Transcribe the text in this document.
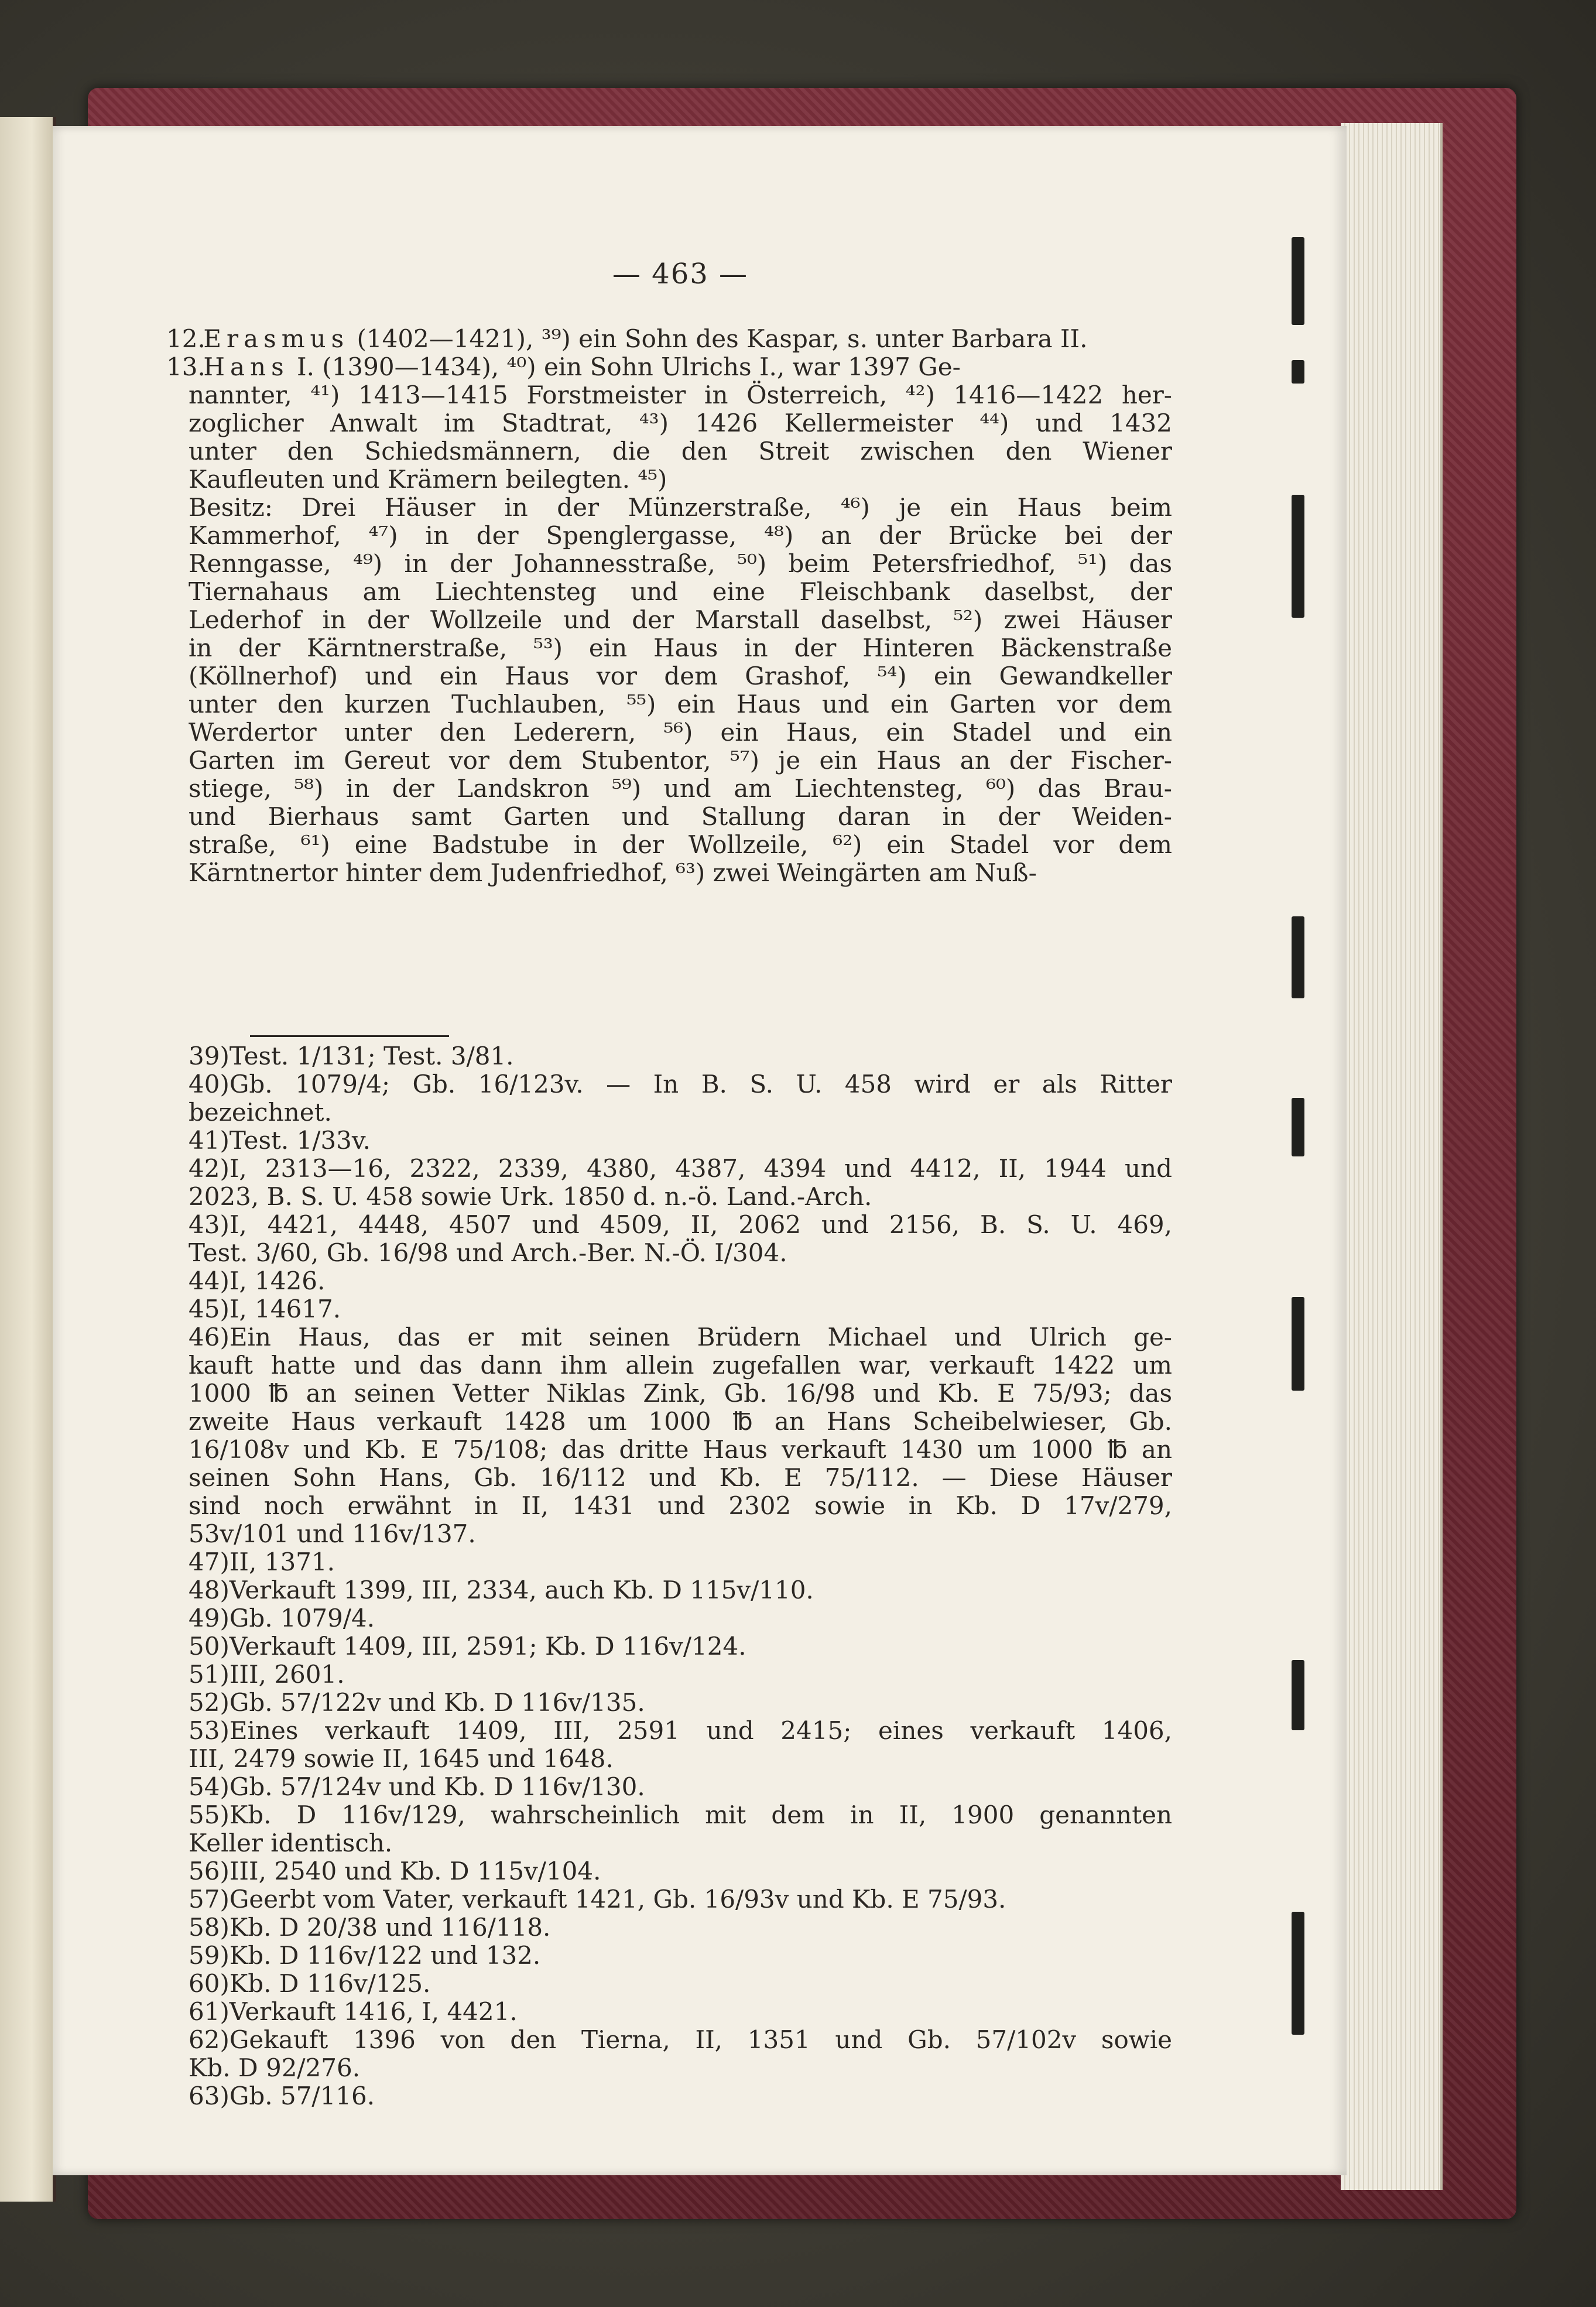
— 463 —
12. Erasmus (1402—1421), ³⁹) ein Sohn des Kaspar, s. unter Barbara II.
13. Hans I. (1390—1434), ⁴⁰) ein Sohn Ulrichs I., war 1397 Ge-

nannter, ⁴¹) 1413—1415 Forstmeister in Österreich, ⁴²) 1416—1422 her-

zoglicher Anwalt im Stadtrat, ⁴³) 1426 Kellermeister ⁴⁴) und 1432

unter den Schiedsmännern, die den Streit zwischen den Wiener

Kaufleuten und Krämern beilegten. ⁴⁵)

Besitz: Drei Häuser in der Münzerstraße, ⁴⁶) je ein Haus beim

Kammerhof, ⁴⁷) in der Spenglergasse, ⁴⁸) an der Brücke bei der

Renngasse, ⁴⁹) in der Johannesstraße, ⁵⁰) beim Petersfriedhof, ⁵¹) das

Tiernahaus am Liechtensteg und eine Fleischbank daselbst, der

Lederhof in der Wollzeile und der Marstall daselbst, ⁵²) zwei Häuser

in der Kärntnerstraße, ⁵³) ein Haus in der Hinteren Bäckenstraße

(Köllnerhof) und ein Haus vor dem Grashof, ⁵⁴) ein Gewandkeller

unter den kurzen Tuchlauben, ⁵⁵) ein Haus und ein Garten vor dem

Werdertor unter den Lederern, ⁵⁶) ein Haus, ein Stadel und ein

Garten im Gereut vor dem Stubentor, ⁵⁷) je ein Haus an der Fischer-

stiege, ⁵⁸) in der Landskron ⁵⁹) und am Liechtensteg, ⁶⁰) das Brau-

und Bierhaus samt Garten und Stallung daran in der Weiden-

straße, ⁶¹) eine Badstube in der Wollzeile, ⁶²) ein Stadel vor dem

Kärntnertor hinter dem Judenfriedhof, ⁶³) zwei Weingärten am Nuß-

39)Test. 1/131; Test. 3/81.

40)Gb. 1079/4; Gb. 16/123v. — In B. S. U. 458 wird er als Ritter

bezeichnet.

41)Test. 1/33v.

42)I, 2313—16, 2322, 2339, 4380, 4387, 4394 und 4412, II, 1944 und

2023, B. S. U. 458 sowie Urk. 1850 d. n.-ö. Land.-Arch.

43)I, 4421, 4448, 4507 und 4509, II, 2062 und 2156, B. S. U. 469,

Test. 3/60, Gb. 16/98 und Arch.-Ber. N.-Ö. I/304.

44)I, 1426.

45)I, 14617.

46)Ein Haus, das er mit seinen Brüdern Michael und Ulrich ge-

kauft hatte und das dann ihm allein zugefallen war, verkauft 1422 um

1000 ℔ an seinen Vetter Niklas Zink, Gb. 16/98 und Kb. E 75/93; das

zweite Haus verkauft 1428 um 1000 ℔ an Hans Scheibelwieser, Gb.

16/108v und Kb. E 75/108; das dritte Haus verkauft 1430 um 1000 ℔ an

seinen Sohn Hans, Gb. 16/112 und Kb. E 75/112. — Diese Häuser

sind noch erwähnt in II, 1431 und 2302 sowie in Kb. D 17v/279,

53v/101 und 116v/137.

47)II, 1371.

48)Verkauft 1399, III, 2334, auch Kb. D 115v/110.

49)Gb. 1079/4.

50)Verkauft 1409, III, 2591; Kb. D 116v/124.

51)III, 2601.

52)Gb. 57/122v und Kb. D 116v/135.

53)Eines verkauft 1409, III, 2591 und 2415; eines verkauft 1406,

III, 2479 sowie II, 1645 und 1648.

54)Gb. 57/124v und Kb. D 116v/130.

55)Kb. D 116v/129, wahrscheinlich mit dem in II, 1900 genannten

Keller identisch.

56)III, 2540 und Kb. D 115v/104.

57)Geerbt vom Vater, verkauft 1421, Gb. 16/93v und Kb. E 75/93.

58)Kb. D 20/38 und 116/118.

59)Kb. D 116v/122 und 132.

60)Kb. D 116v/125.

61)Verkauft 1416, I, 4421.

62)Gekauft 1396 von den Tierna, II, 1351 und Gb. 57/102v sowie

Kb. D 92/276.

63)Gb. 57/116.
